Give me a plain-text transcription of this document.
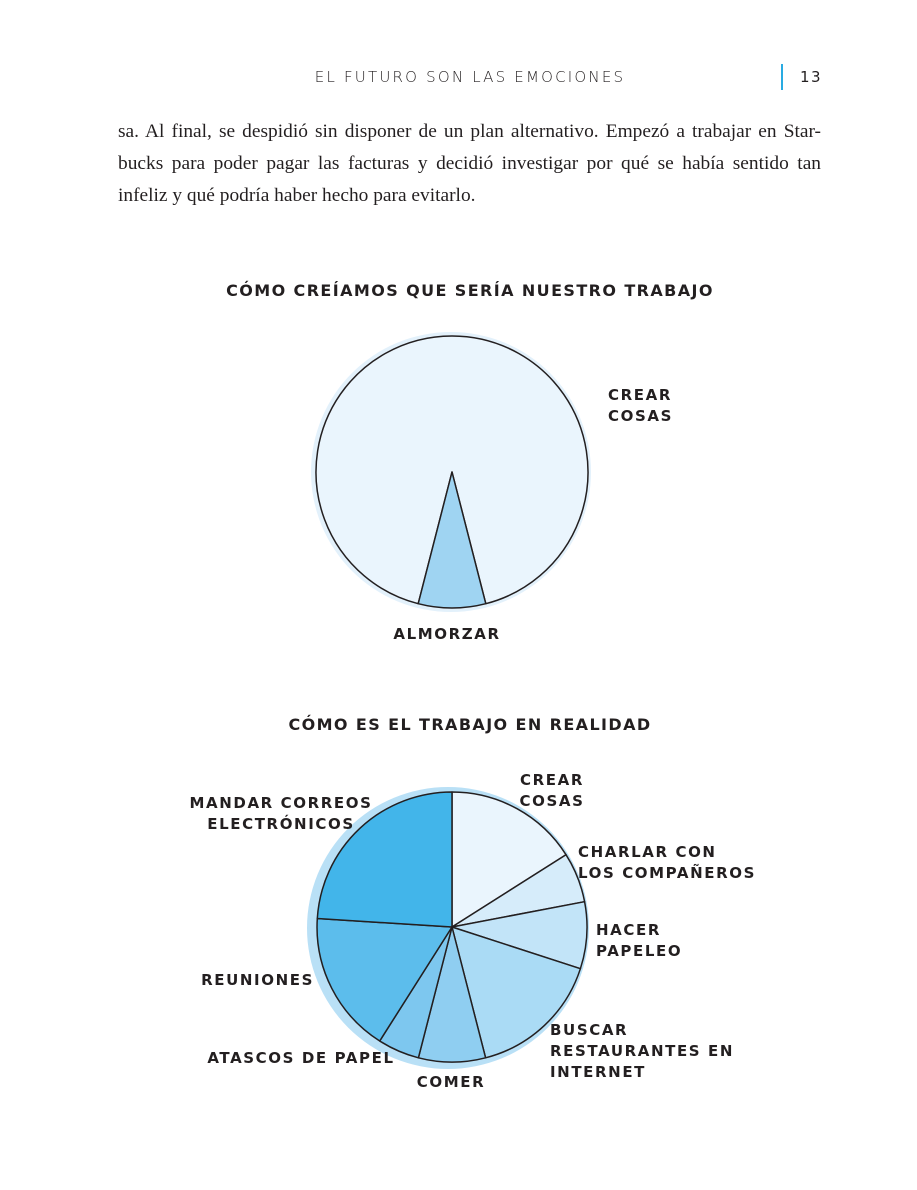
EL FUTURO SON LAS EMOCIONES	13

sa. Al final, se despidió sin disponer de un plan alternativo. Empezó a trabajar en Star-
bucks para poder pagar las facturas y decidió investigar por qué se había sentido tan
infeliz y qué podría haber hecho para evitarlo.

CÓMO CREÍAMOS QUE SERÍA NUESTRO TRABAJO
CREAR COSAS
ALMORZAR
CÓMO ES EL TRABAJO EN REALIDAD
CREAR COSAS
CHARLAR CON LOS COMPAÑEROS
HACER PAPELEO
BUSCAR RESTAURANTES EN INTERNET
COMER
ATASCOS DE PAPEL
REUNIONES
MANDAR CORREOS ELECTRÓNICOS
